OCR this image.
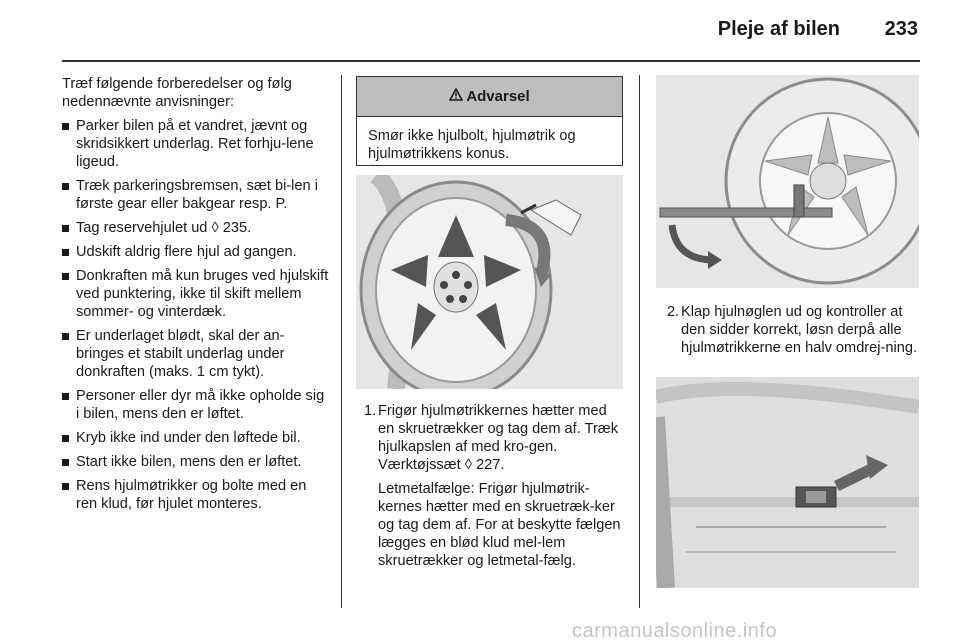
Pleje af bilen 233

Træf følgende forberedelser og følg nedennævnte anvisninger:

Parker bilen på et vandret, jævnt og skridsikkert underlag. Ret forhju-lene ligeud.
Træk parkeringsbremsen, sæt bi-len i første gear eller bakgear resp. P.
Tag reservehjulet ud ◊ 235.
Udskift aldrig flere hjul ad gangen.
Donkraften må kun bruges ved hjulskift ved punktering, ikke til skift mellem sommer- og vinterdæk.
Er underlaget blødt, skal der an-bringes et stabilt underlag under donkraften (maks. 1 cm tykt).
Personer eller dyr må ikke opholde sig i bilen, mens den er løftet.
Kryb ikke ind under den løftede bil.
Start ikke bilen, mens den er løftet.
Rens hjulmøtrikker og bolte med en ren klud, før hjulet monteres.
Advarsel
Smør ikke hjulbolt, hjulmøtrik og hjulmøtrikkens konus.
1. Frigør hjulmøtrikkernes hætter med en skruetrækker og tag dem af. Træk hjulkapslen af med kro-gen. Værktøjssæt ◊ 227.

Letmetalfælge: Frigør hjulmøtrik-kernes hætter med en skruetræk-ker og tag dem af. For at beskytte fælgen lægges en blød klud mel-lem skruetrækker og letmetal-fælg.

2. Klap hjulnøglen ud og kontroller at den sidder korrekt, løsn derpå alle hjulmøtrikkerne en halv omdrej-ning.

carmanualsonline.info
